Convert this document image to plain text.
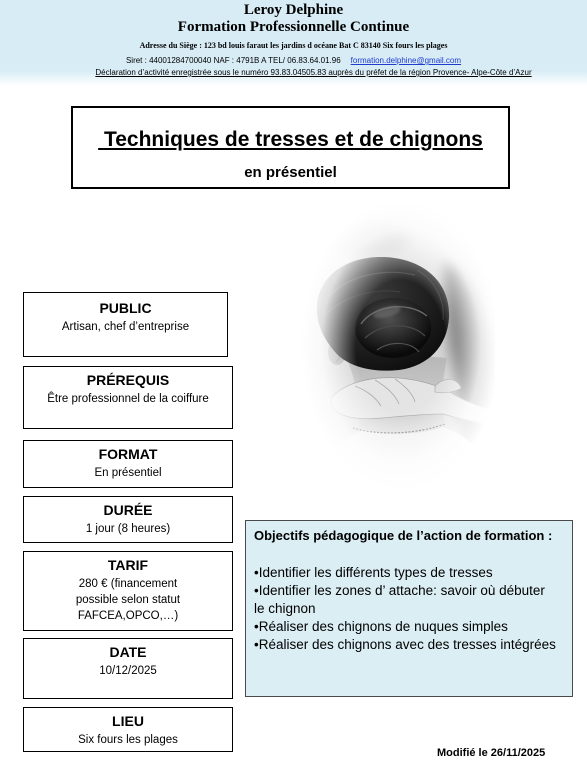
Leroy Delphine
Formation Professionnelle Continue
Adresse du Siège : 123 bd louis faraut les jardins d océane Bat C 83140 Six fours les plages
Siret : 44001284700040 NAF : 4791B A TEL/ 06.83.64.01.96 formation.delphine@gmail.com
Déclaration d’activité enregistrée sous le numéro 93.83.04505.83 auprès du préfet de la région Provence- Alpe-Côte d’Azur
Techniques de tresses et de chignons
en présentiel
PUBLIC
Artisan, chef d’entreprise
PRÉREQUIS
Être professionnel de la coiffure
FORMAT
En présentiel
DURÉE
1 jour (8 heures)
TARIF
280 € (financement
possible selon statut
FAFCEA,OPCO,…)
DATE
10/12/2025
LIEU
Six fours les plages
Objectifs pédagogique de l’action de formation :
•Identifier les différents types de tresses
•Identifier les zones d’ attache: savoir où débuter le chignon
•Réaliser des chignons de nuques simples
•Réaliser des chignons avec des tresses intégrées
Modifié le 26/11/2025
